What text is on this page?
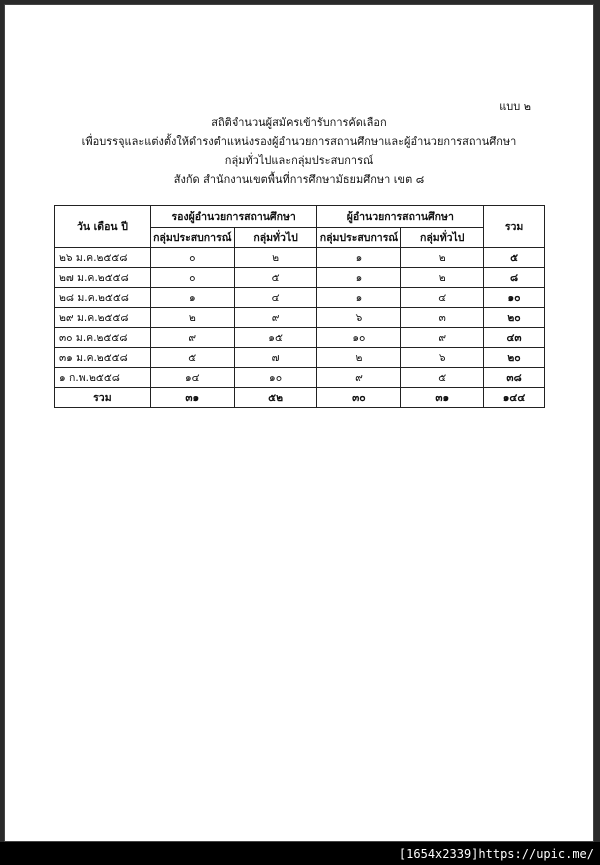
แบบ ๒
สถิติจำนวนผู้สมัครเข้ารับการคัดเลือก
เพื่อบรรจุและแต่งตั้งให้ดำรงตำแหน่งรองผู้อำนวยการสถานศึกษาและผู้อำนวยการสถานศึกษา
กลุ่มทั่วไปและกลุ่มประสบการณ์
สังกัด สำนักงานเขตพื้นที่การศึกษามัธยมศึกษา เขต ๘
วัน เดือน ปี	รองผู้อำนวยการสถานศึกษา		ผู้อำนวยการสถานศึกษา		รวม
	กลุ่มประสบการณ์	กลุ่มทั่วไป	กลุ่มประสบการณ์	กลุ่มทั่วไป	
๒๖ ม.ค.๒๕๕๘	๐	๒	๑	๒	๕
๒๗ ม.ค.๒๕๕๘	๐	๕	๑	๒	๘
๒๘ ม.ค.๒๕๕๘	๑	๔	๑	๔	๑๐
๒๙ ม.ค.๒๕๕๘	๒	๙	๖	๓	๒๐
๓๐ ม.ค.๒๕๕๘	๙	๑๕	๑๐	๙	๔๓
๓๑ ม.ค.๒๕๕๘	๕	๗	๒	๖	๒๐
๑ ก.พ.๒๕๕๘	๑๔	๑๐	๙	๕	๓๘
รวม	๓๑	๕๒	๓๐	๓๑	๑๔๔
[1654x2339]https://upic.me/
